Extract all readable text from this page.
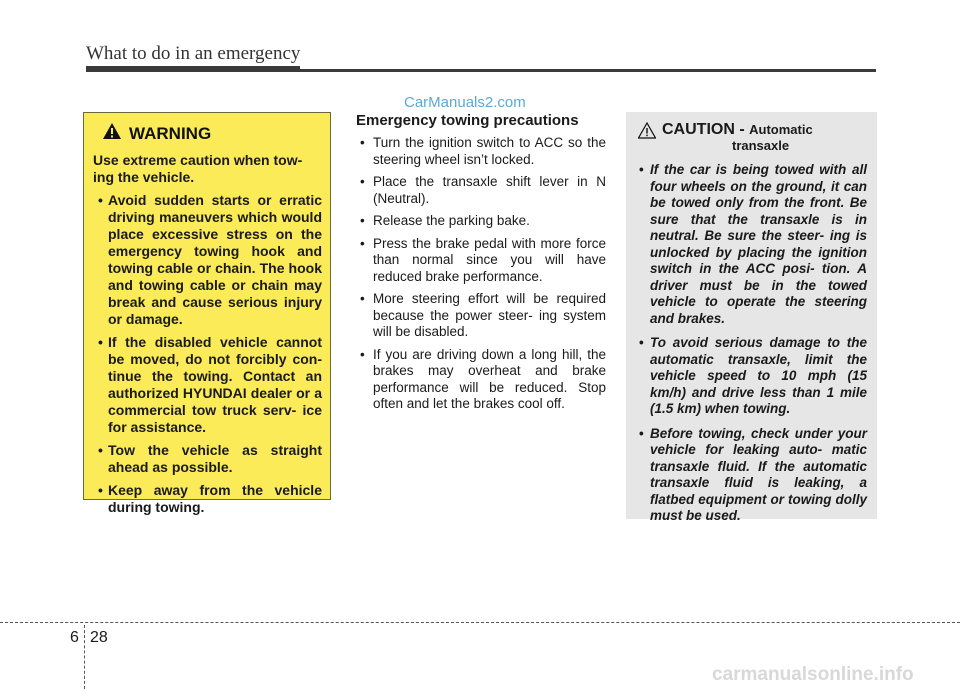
What to do in an emergency
CarManuals2.com
WARNING
Use extreme caution when tow- ing the vehicle.
• Avoid sudden starts or erratic driving maneuvers which would place excessive stress on the emergency towing hook and towing cable or chain. The hook and towing cable or chain may break and cause serious injury or damage.
• If the disabled vehicle cannot be moved, do not forcibly con- tinue the towing. Contact an authorized HYUNDAI dealer or a commercial tow truck serv- ice for assistance.
• Tow the vehicle as straight ahead as possible.
• Keep away from the vehicle during towing.
Emergency towing precautions
• Turn the ignition switch to ACC so the steering wheel isn’t locked.
• Place the transaxle shift lever in N (Neutral).
• Release the parking bake.
• Press the brake pedal with more force than normal since you will have reduced brake performance.
• More steering effort will be required because the power steer- ing system will be disabled.
• If you are driving down a long hill, the brakes may overheat and brake performance will be reduced. Stop often and let the brakes cool off.
CAUTION - Automatic
transaxle
• If the car is being towed with all four wheels on the ground, it can be towed only from the front. Be sure that the transaxle is in neutral. Be sure the steer- ing is unlocked by placing the ignition switch in the ACC posi- tion. A driver must be in the towed vehicle to operate the steering and brakes.
• To avoid serious damage to the automatic transaxle, limit the vehicle speed to 10 mph (15 km/h) and drive less than 1 mile (1.5 km) when towing.
• Before towing, check under your vehicle for leaking auto- matic transaxle fluid. If the automatic transaxle fluid is leaking, a flatbed equipment or towing dolly must be used.
6 28
carmanualsonline.info
